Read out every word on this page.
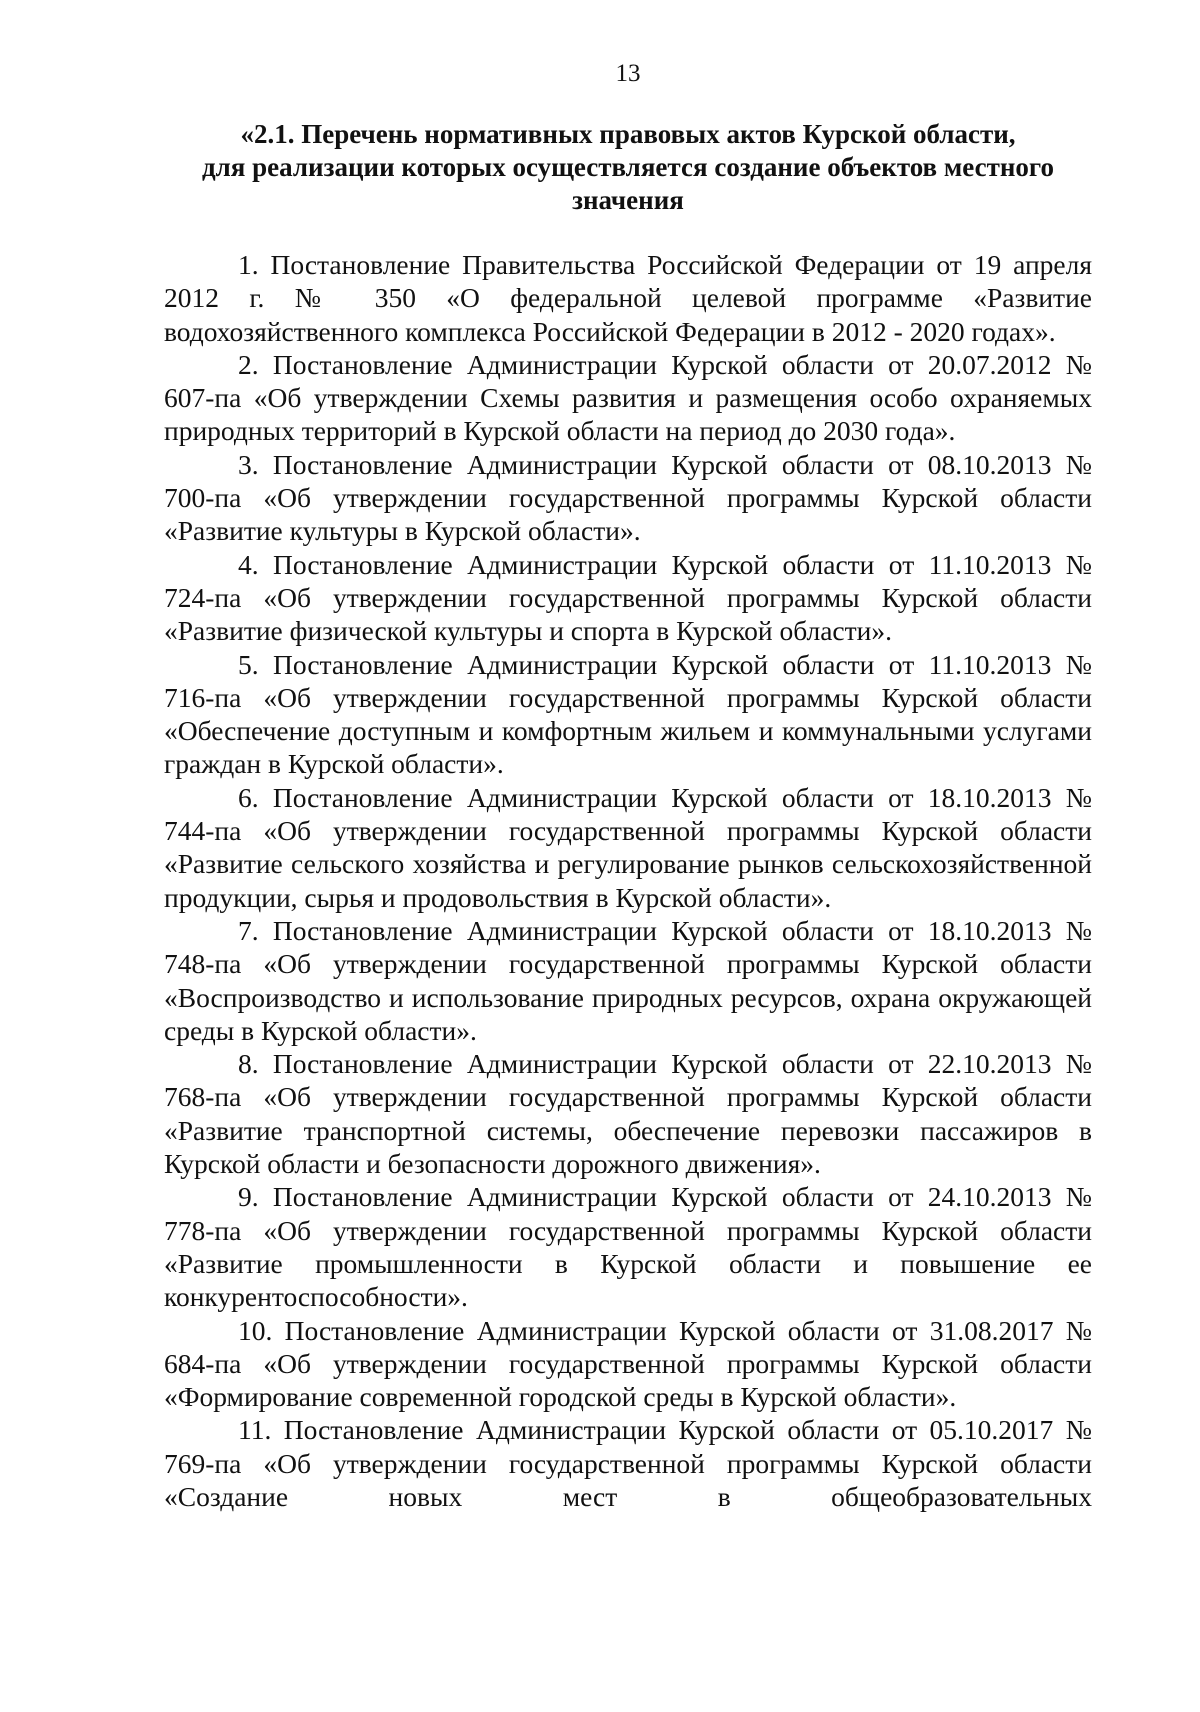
13
«2.1. Перечень нормативных правовых актов Курской области,
для реализации которых осуществляется создание объектов местного
значения

1. Постановление Правительства Российской Федерации от 19 апреля 2012 г. № 350 «О федеральной целевой программе «Развитие водохозяйственного комплекса Российской Федерации в 2012 - 2020 годах».

2. Постановление Администрации Курской области от 20.07.2012 № 607-па «Об утверждении Схемы развития и размещения особо охраняемых природных территорий в Курской области на период до 2030 года».

3. Постановление Администрации Курской области от 08.10.2013 № 700-па «Об утверждении государственной программы Курской области «Развитие культуры в Курской области».

4. Постановление Администрации Курской области от 11.10.2013 № 724-па «Об утверждении государственной программы Курской области «Развитие физической культуры и спорта в Курской области».

5. Постановление Администрации Курской области от 11.10.2013 № 716-па «Об утверждении государственной программы Курской области «Обеспечение доступным и комфортным жильем и коммунальными услугами граждан в Курской области».

6. Постановление Администрации Курской области от 18.10.2013 № 744-па «Об утверждении государственной программы Курской области «Развитие сельского хозяйства и регулирование рынков сельскохозяйственной продукции, сырья и продовольствия в Курской области».

7. Постановление Администрации Курской области от 18.10.2013 № 748-па «Об утверждении государственной программы Курской области «Воспроизводство и использование природных ресурсов, охрана окружающей среды в Курской области».

8. Постановление Администрации Курской области от 22.10.2013 № 768-па «Об утверждении государственной программы Курской области «Развитие транспортной системы, обеспечение перевозки пассажиров в Курской области и безопасности дорожного движения».

9. Постановление Администрации Курской области от 24.10.2013 № 778-па «Об утверждении государственной программы Курской области «Развитие промышленности в Курской области и повышение ее конкурентоспособности».

10. Постановление Администрации Курской области от 31.08.2017 № 684-па «Об утверждении государственной программы Курской области «Формирование современной городской среды в Курской области».

11. Постановление Администрации Курской области от 05.10.2017 № 769-па «Об утверждении государственной программы Курской области «Создание новых мест в общеобразовательных
